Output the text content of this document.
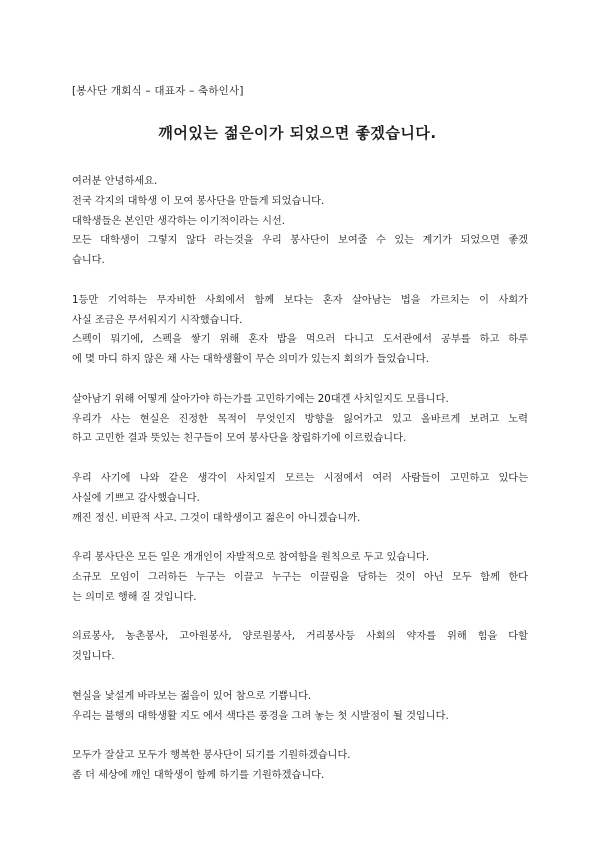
[봉사단 개회식 – 대표자 – 축하인사]
깨어있는 젊은이가 되었으면 좋겠습니다.
여러분 안녕하세요.
전국 각지의 대학생 이 모여 봉사단을 만들게 되었습니다.
대학생들은 본인만 생각하는 이기적이라는 시선.
모든 대학생이 그렇지 않다 라는것을 우리 봉사단이 보여줄 수 있는 계기가 되었으면 좋겠
습니다.
1등만 기억하는 무자비한 사회에서 함께 보다는 혼자 살아남는 법을 가르치는 이 사회가
사실 조금은 무서워지기 시작했습니다.
스펙이 뭐기에, 스펙을 쌓기 위해 혼자 밥을 먹으러 다니고 도서관에서 공부를 하고 하루
에 몇 마디 하지 않은 채 사는 대학생활이 무슨 의미가 있는지 회의가 들었습니다.
살아남기 위해 어떻게 살아가야 하는가를 고민하기에는 20대겐 사치일지도 모릅니다.
우리가 사는 현실은 진정한 목적이 무엇인지 방향을 잃어가고 있고 올바르게 보려고 노력
하고 고민한 결과 뜻있는 친구들이 모여 봉사단을 창립하기에 이르렀습니다.
우리 사기에 나와 같은 생각이 사치일지 모르는 시점에서 여러 사람들이 고민하고 있다는
사실에 기쁘고 감사했습니다.
깨진 정신. 비판적 사고. 그것이 대학생이고 젊은이 아니겠습니까.
우리 봉사단은 모든 일은 개개인이 자발적으로 참여함을 원칙으로 두고 있습니다.
소규모 모임이 그러하든 누구는 이끌고 누구는 이끌림을 당하는 것이 아닌 모두 함께 한다
는 의미로 행해 질 것입니다.
의료봉사, 농촌봉사, 고아원봉사, 양로원봉사, 거리봉사등 사회의 약자를 위해 힘을 다할
것입니다.
현실을 낯설게 바라보는 젊음이 있어 참으로 기쁩니다.
우리는 불행의 대학생활 지도 에서 색다른 풍경을 그려 놓는 첫 시발점이 될 것입니다.
모두가 잘살고 모두가 행복한 봉사단이 되기를 기원하겠습니다.
좀 더 세상에 깨인 대학생이 함께 하기를 기원하겠습니다.
